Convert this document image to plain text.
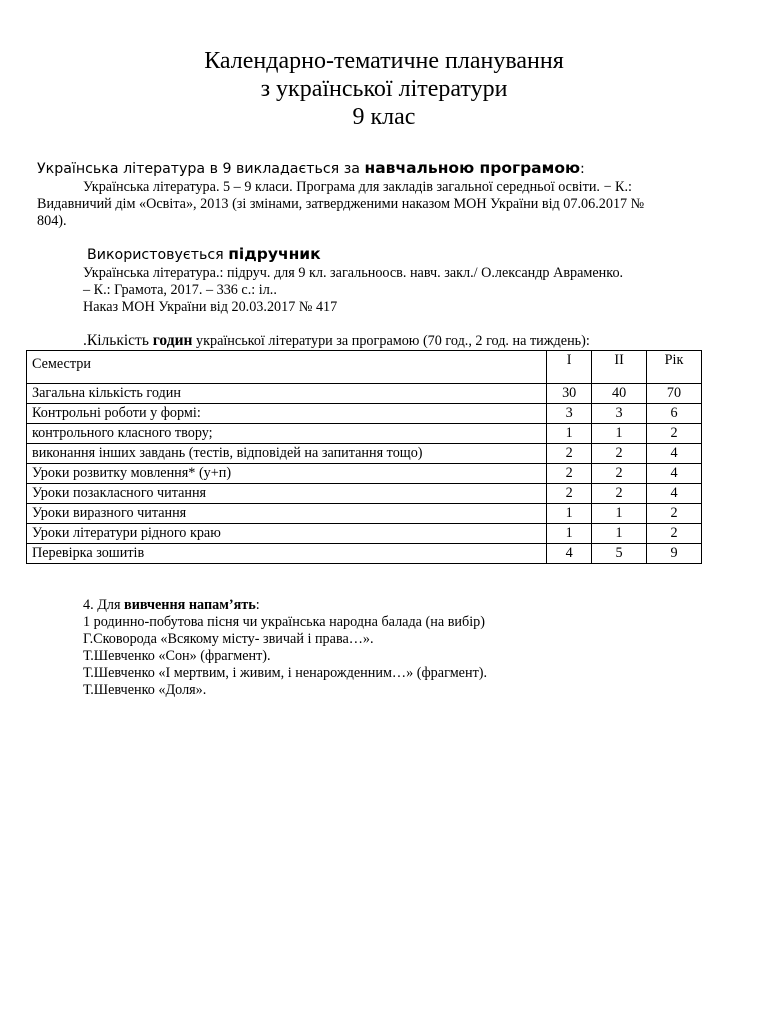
Календарно-тематичне планування
з української літератури
9 клас
Українська література в 9 викладається за навчальною програмою:
Українська література. 5 – 9 класи. Програма для закладів загальної середньої освіти. − К.:
Видавничий дім «Освіта», 2013 (зі змінами, затвердженими наказом МОН України від 07.06.2017 №
804).
Використовується підручник
Українська література.: підруч. для 9 кл. загальноосв. навч. закл./ О.лександр Авраменко.
– К.: Грамота, 2017. – 336 с.: іл..
Наказ МОН України від 20.03.2017 № 417
.Кількість годин української літератури за програмою (70 год., 2 год. на тиждень):
Семестри	I	II	Рік
Загальна кількість годин	30	40	70
Контрольні роботи у формі:	3	3	6
контрольного класного твору;	1	1	2
виконання інших завдань (тестів, відповідей на запитання тощо)	2	2	4
Уроки розвитку мовлення* (у+п)	2	2	4
Уроки позакласного читання	2	2	4
Уроки виразного читання	1	1	2
Уроки літератури рідного краю	1	1	2
Перевірка зошитів	4	5	9
4. Для вивчення напам’ять:
1 родинно-побутова пісня чи українська народна балада (на вибір)
Г.Сковорода «Всякому місту- звичай і права…».
Т.Шевченко «Сон» (фрагмент).
Т.Шевченко «І мертвим, і живим, і ненарожденним…» (фрагмент).
Т.Шевченко «Доля».
